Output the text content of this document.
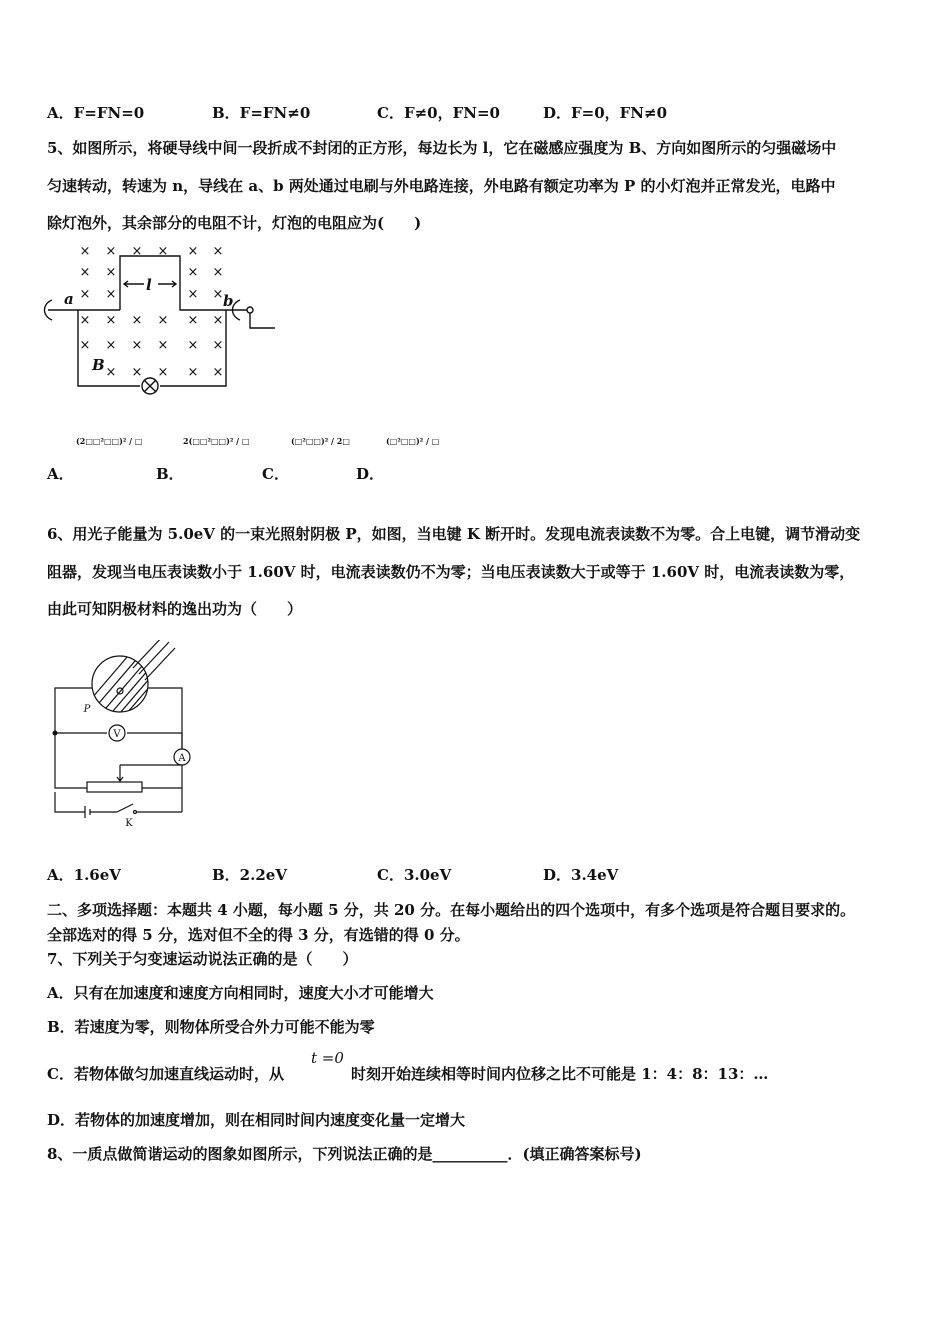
A．F=FN=0	B．F=FN≠0	C．F≠0，FN=0	D．F=0，FN≠0
5、如图所示，将硬导线中间一段折成不封闭的正方形，每边长为 l，它在磁感应强度为 B、方向如图所示的匀强磁场中
匀速转动，转速为 n，导线在 a、b 两处通过电刷与外电路连接，外电路有额定功率为 P 的小灯泡并正常发光，电路中
除灯泡外，其余部分的电阻不计，灯泡的电阻应为(　　)
× × × × × ×
× ×	× ×
× ×	× ×
× × × × × ×
× × × × × ×
× × × × ×
a	b
l
B
A．
(2□□²□□)² / □
B．
2(□□²□□)² / □
C．
(□²□□)² / 2□
D．
(□²□□)² / □
6、用光子能量为 5.0eV 的一束光照射阴极 P，如图，当电键 K 断开时。发现电流表读数不为零。合上电键，调节滑动变
阻器，发现当电压表读数小于 1.60V 时，电流表读数仍不为零；当电压表读数大于或等于 1.60V 时，电流表读数为零，
由此可知阴极材料的逸出功为（　　）
V
A
K
P
A．1.6eV	B．2.2eV	C．3.0eV	D．3.4eV
二、多项选择题：本题共 4 小题，每小题 5 分，共 20 分。在每小题给出的四个选项中，有多个选项是符合题目要求的。
全部选对的得 5 分，选对但不全的得 3 分，有选错的得 0 分。
7、下列关于匀变速运动说法正确的是（　　）
A．只有在加速度和速度方向相同时，速度大小才可能增大
B．若速度为零，则物体所受合外力可能不能为零
C．若物体做匀加速直线运动时，从
t =0
时刻开始连续相等时间内位移之比不可能是 1：4：8：13：…
D．若物体的加速度增加，则在相同时间内速度变化量一定增大
8、一质点做简谐运动的图象如图所示，下列说法正确的是__________．(填正确答案标号)
